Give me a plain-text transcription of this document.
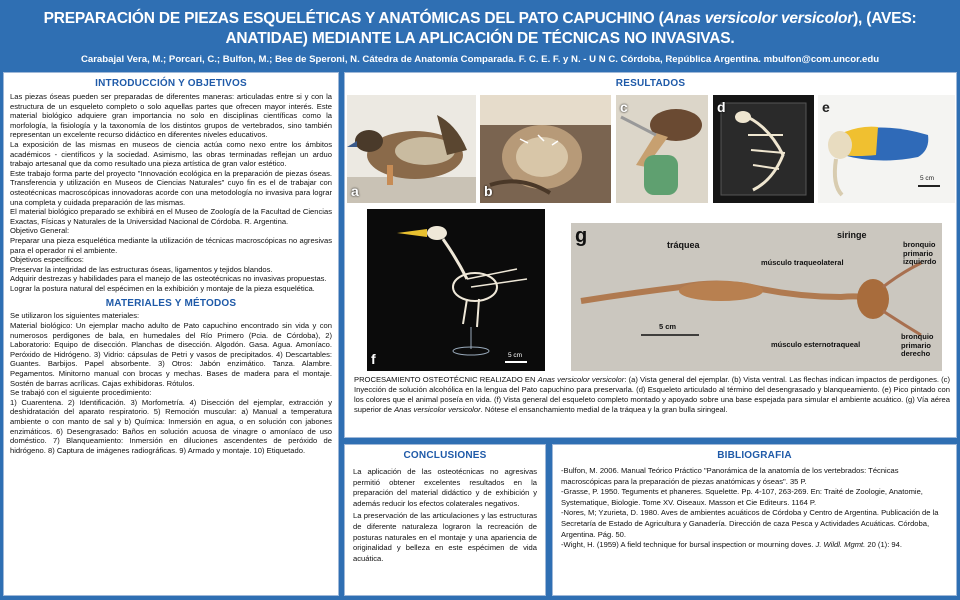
PREPARACIÓN DE PIEZAS ESQUELÉTICAS Y ANATÓMICAS DEL PATO CAPUCHINO (Anas versicolor versicolor), (AVES:
ANATIDAE) MEDIANTE LA APLICACIÓN DE TÉCNICAS NO INVASIVAS.
Carabajal Vera, M.; Porcari, C.; Bulfon, M.; Bee de Speroni, N. Cátedra de Anatomía Comparada. F. C. E. F. y N. - U N C. Córdoba, República Argentina. mbulfon@com.uncor.edu
INTRODUCCIÓN Y OBJETIVOS

Las piezas óseas pueden ser preparadas de diferentes maneras: articuladas entre si y con la estructura de un esqueleto completo o solo aquellas partes que ofrecen mayor interés. Este material biológico adquiere gran importancia no solo en disciplinas científicas como la morfología, la fisiología y la taxonomía de los distintos grupos de vertebrados, sino también representan un excelente recurso didáctico en diferentes niveles educativos.

La exposición de las mismas en museos de ciencia actúa como nexo entre los ámbitos académicos - científicos y la sociedad. Asimismo, las obras terminadas reflejan un arduo trabajo artesanal que da como resultado una pieza artística de gran valor estético.

Este trabajo forma parte del proyecto "Innovación ecológica en la preparación de piezas óseas. Transferencia y utilización en Museos de Ciencias Naturales" cuyo fin es el de trabajar con osteotécnicas macroscópicas innovadoras acorde con una metodología no invasiva para lograr una completa y cuidada preparación de las mismas.

El material biológico preparado se exhibirá en el Museo de Zoología de la Facultad de Ciencias Exactas, Físicas y Naturales de la Universidad Nacional de Córdoba. R. Argentina.

Objetivo General:

Preparar una pieza esquelética mediante la utilización de técnicas macroscópicas no agresivas para el operador ni el ambiente.

Objetivos específicos:

Preservar la integridad de las estructuras óseas, ligamentos y tejidos blandos.

Adquirir destrezas y habilidades para el manejo de las osteotécnicas no invasivas propuestas.

Lograr la postura natural del espécimen en la exhibición y montaje de la pieza esquelética.

MATERIALES Y MÉTODOS

Se utilizaron los siguientes materiales:

Material biológico: Un ejemplar macho adulto de Pato capuchino encontrado sin vida y con numerosos perdigones de bala, en humedales del Río Primero (Pcia. de Córdoba), 2) Laboratorio: Equipo de disección. Planchas de disección. Algodón. Gasa. Agua. Amoníaco. Peróxido de Hidrógeno. 3) Vidrio: cápsulas de Petri y vasos de precipitados. 4) Descartables: Guantes. Barbijos. Papel absorbente. 3) Otros: Jabón enzimático. Tanza. Alambre. Pegamentos. Minitorno manual con brocas y mechas. Bases de madera para el montaje. Sostén de barras acrílicas. Cajas exhibidoras. Rótulos.

Se trabajó con el siguiente procedimiento:

1) Cuarentena. 2) Identificación. 3) Morfometría. 4) Disección del ejemplar, extracción y deshidratación del aparato respiratorio. 5) Remoción muscular: a) Manual a temperatura ambiente o con manto de sal y b) Química: Inmersión en agua, o en solución con jabones enzimáticos. 6) Desengrasado: Baños en solución acuosa de vinagre o amoníaco de uso doméstico. 7) Blanqueamiento: Inmersión en diluciones ascendentes de peróxido de hidrógeno. 8) Captura de imágenes radiográficas. 9) Armado y montaje. 10) Etiquetado.

RESULTADOS
a	b
c	d	e
5 cm
f	5 cm
g	tráquea
siringe
músculo traqueolateral
bronquio primario izquierdo
músculo esternotraqueal
bronquio primario derecho
5 cm
PROCESAMIENTO OSTEOTÉCNIC REALIZADO EN Anas versicolor versicolor: (a) Vista general del ejemplar. (b) Vista ventral. Las flechas indican impactos de perdigones. (c) Inyección de solución alcohólica en la lengua del Pato capuchino para preservarla. (d) Esqueleto articulado al término del desengrasado y blanqueamiento. (e) Pico pintado con los colores que el animal poseía en vida. (f) Vista general del esqueleto completo montado y apoyado sobre una base espejada para simular el ambiente acuático. (g) Vía aérea superior de Anas versicolor versicolor. Nótese el ensanchamiento medial de la tráquea y la gran bulla siringeal.
CONCLUSIONES

La aplicación de las osteotécnicas no agresivas permitió obtener excelentes resultados en la preparación del material didáctico y de exhibición y además reducir los efectos colaterales negativos.

La preservación de las articulaciones y las estructuras de diferente naturaleza lograron la recreación de posturas naturales en el montaje y una apariencia de originalidad y belleza en este espécimen de vida acuática.

BIBLIOGRAFIA

-Bulfon, M. 2006. Manual Teórico Práctico "Panorámica de la anatomía de los vertebrados: Técnicas macroscópicas para la preparación de piezas anatómicas y óseas". 35 P.

-Grasse, P. 1950. Teguments et phaneres. Squelette. Pp. 4-107, 263-269. En: Traité de Zoologie, Anatomie, Systematique, Biologie. Tome XV. Oiseaux. Masson et Cie Editeurs. 1164 P.

-Nores, M; Yzurieta, D. 1980. Aves de ambientes acuáticos de Córdoba y Centro de Argentina. Publicación de la Secretaría de Estado de Agricultura y Ganadería. Dirección de caza Pesca y Actividades Acuáticas. Córdoba, Argentina. Pág. 50.

-Wight, H. (1959) A field technique for bursal inspection or mourning doves. J. Wildl. Mgmt. 20 (1): 94.
